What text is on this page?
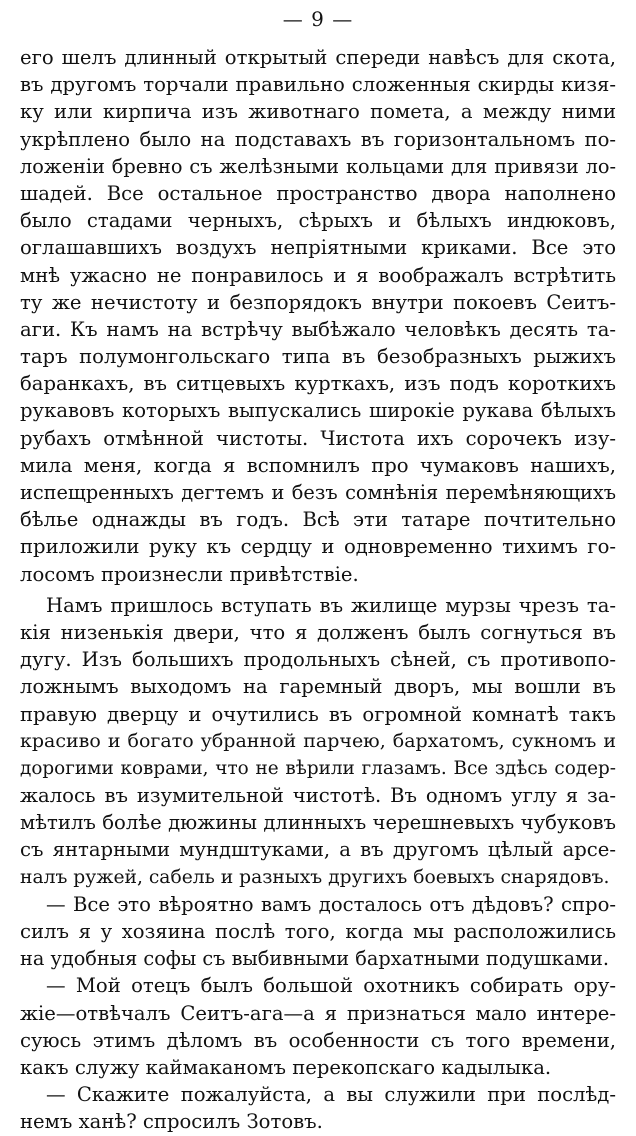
— 9 —
его шелъ длинный открытый спереди навѣсъ для скота,
въ другомъ торчали правильно сложенныя скирды кизя-
ку или кирпича изъ животнаго помета, а между ними
укрѣплено было на подставахъ въ горизонтальномъ по-
ложенiи бревно съ желѣзными кольцами для привязи ло-
шадей. Все остальное пространство двора наполнено
было стадами черныхъ, сѣрыхъ и бѣлыхъ индюковъ,
оглашавшихъ воздухъ непрiятными криками. Все это
мнѣ ужасно не понравилось и я воображалъ встрѣтить
ту же нечистоту и безпорядокъ внутри покоевъ Сеитъ-
аги. Къ намъ на встрѣчу выбѣжало человѣкъ десять та-
таръ полумонгольскаго типа въ безобразныхъ рыжихъ
баранкахъ, въ ситцевыхъ курткахъ, изъ подъ короткихъ
рукавовъ которыхъ выпускались широкiе рукава бѣлыхъ
рубахъ отмѣнной чистоты. Чистота ихъ сорочекъ изу-
мила меня, когда я вспомнилъ про чумаковъ нашихъ,
испещренныхъ дегтемъ и безъ сомнѣнiя перемѣняющихъ
бѣлье однажды въ годъ. Всѣ эти татаре почтительно
приложили руку къ сердцу и одновременно тихимъ го-
лосомъ произнесли привѣтствiе.
Намъ пришлось вступать въ жилище мурзы чрезъ та-
кiя низенькiя двери, что я долженъ былъ согнуться въ
дугу. Изъ большихъ продольныхъ сѣней, съ противопо-
ложнымъ выходомъ на гаремный дворъ, мы вошли въ
правую дверцу и очутились въ огромной комнатѣ такъ
красиво и богато убранной парчею, бархатомъ, сукномъ и
дорогими коврами, что не вѣрили глазамъ. Все здѣсь содер-
жалось въ изумительной чистотѣ. Въ одномъ углу я за-
мѣтилъ болѣе дюжины длинныхъ черешневыхъ чубуковъ
съ янтарными мундштуками, а въ другомъ цѣлый арсе-
налъ ружей, сабель и разныхъ другихъ боевыхъ снарядовъ.
— Все это вѣроятно вамъ досталось отъ дѣдовъ? спро-
силъ я у хозяина послѣ того, когда мы расположились
на удобныя софы съ выбивными бархатными подушками.
— Мой отецъ былъ большой охотникъ собирать ору-
жiе—отвѣчалъ Сеитъ-ага—а я признаться мало интере-
суюсь этимъ дѣломъ въ особенности съ того времени,
какъ служу каймаканомъ перекопскаго кадылыка.
— Скажите пожалуйста, а вы служили при послѣд-
немъ ханѣ? спросилъ Зотовъ.
